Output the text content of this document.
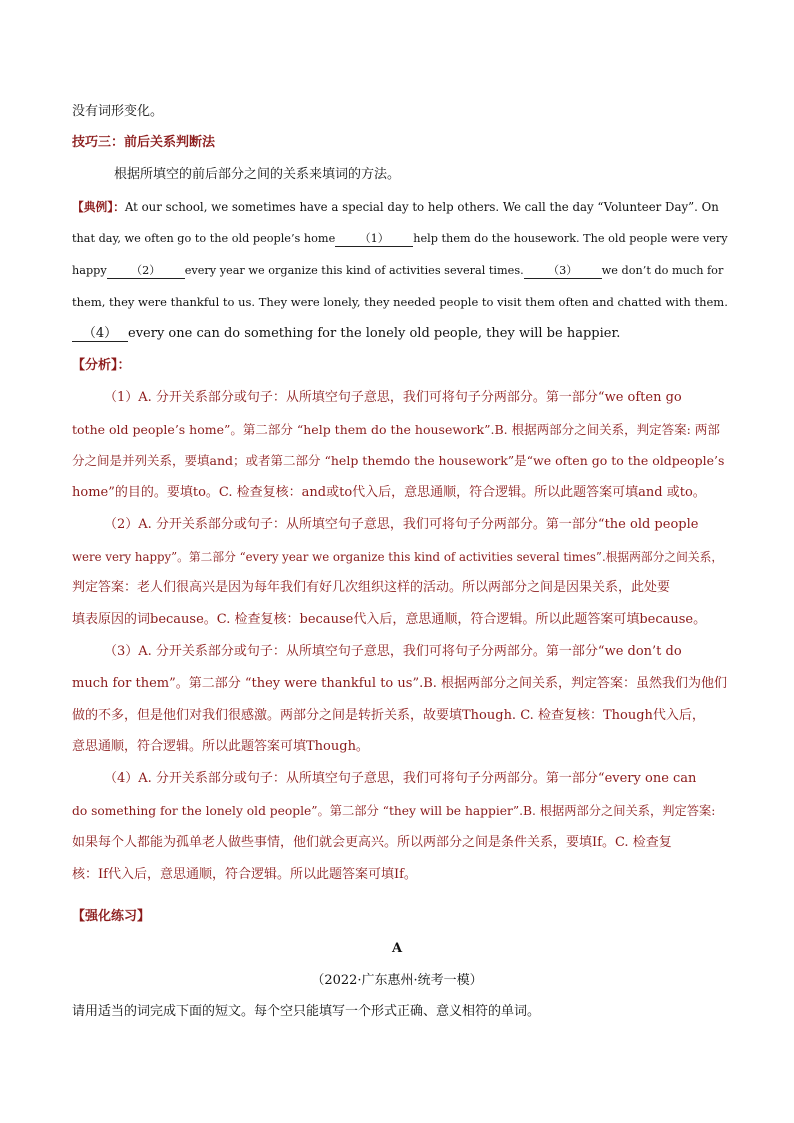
没有词形变化。
技巧三：前后关系判断法
根据所填空的前后部分之间的关系来填词的方法。
【典例】：At our school, we sometimes have a special day to help others. We call the day “Volunteer Day”. On
that day, we often go to the old people’s home （1） help them do the housework. The old people were very
happy （2） every year we organize this kind of activities several times. （3） we don’t do much for
them, they were thankful to us. They were lonely, they needed people to visit them often and chatted with them.
（4） every one can do something for the lonely old people, they will be happier.
【分析】：
（1）A. 分开关系部分或句子：从所填空句子意思，我们可将句子分两部分。第一部分“we often go
tothe old people’s home”。第二部分 “help them do the housework”.B. 根据两部分之间关系，判定答案: 两部
分之间是并列关系，要填and；或者第二部分 “help themdo the housework”是“we often go to the oldpeople’s
home”的目的。要填to。C. 检查复核：and或to代入后，意思通顺，符合逻辑。所以此题答案可填and 或to。
（2）A. 分开关系部分或句子：从所填空句子意思，我们可将句子分两部分。第一部分“the old people
were very happy”。第二部分 “every year we organize this kind of activities several times”.根据两部分之间关系，
判定答案：老人们很高兴是因为每年我们有好几次组织这样的活动。所以两部分之间是因果关系，此处要
填表原因的词because。C. 检查复核：because代入后，意思通顺，符合逻辑。所以此题答案可填because。
（3）A. 分开关系部分或句子：从所填空句子意思，我们可将句子分两部分。第一部分“we don’t do
much for them”。第二部分 “they were thankful to us”.B. 根据两部分之间关系，判定答案：虽然我们为他们
做的不多，但是他们对我们很感激。两部分之间是转折关系，故要填Though. C. 检查复核：Though代入后，
意思通顺，符合逻辑。所以此题答案可填Though。
（4）A. 分开关系部分或句子：从所填空句子意思，我们可将句子分两部分。第一部分“every one can
do something for the lonely old people”。第二部分 “they will be happier”.B. 根据两部分之间关系，判定答案:
如果每个人都能为孤单老人做些事情，他们就会更高兴。所以两部分之间是条件关系，要填If。C. 检查复
核：If代入后，意思通顺，符合逻辑。所以此题答案可填If。
【强化练习】
A
（2022·广东惠州·统考一模）
请用适当的词完成下面的短文。每个空只能填写一个形式正确、意义相符的单词。
